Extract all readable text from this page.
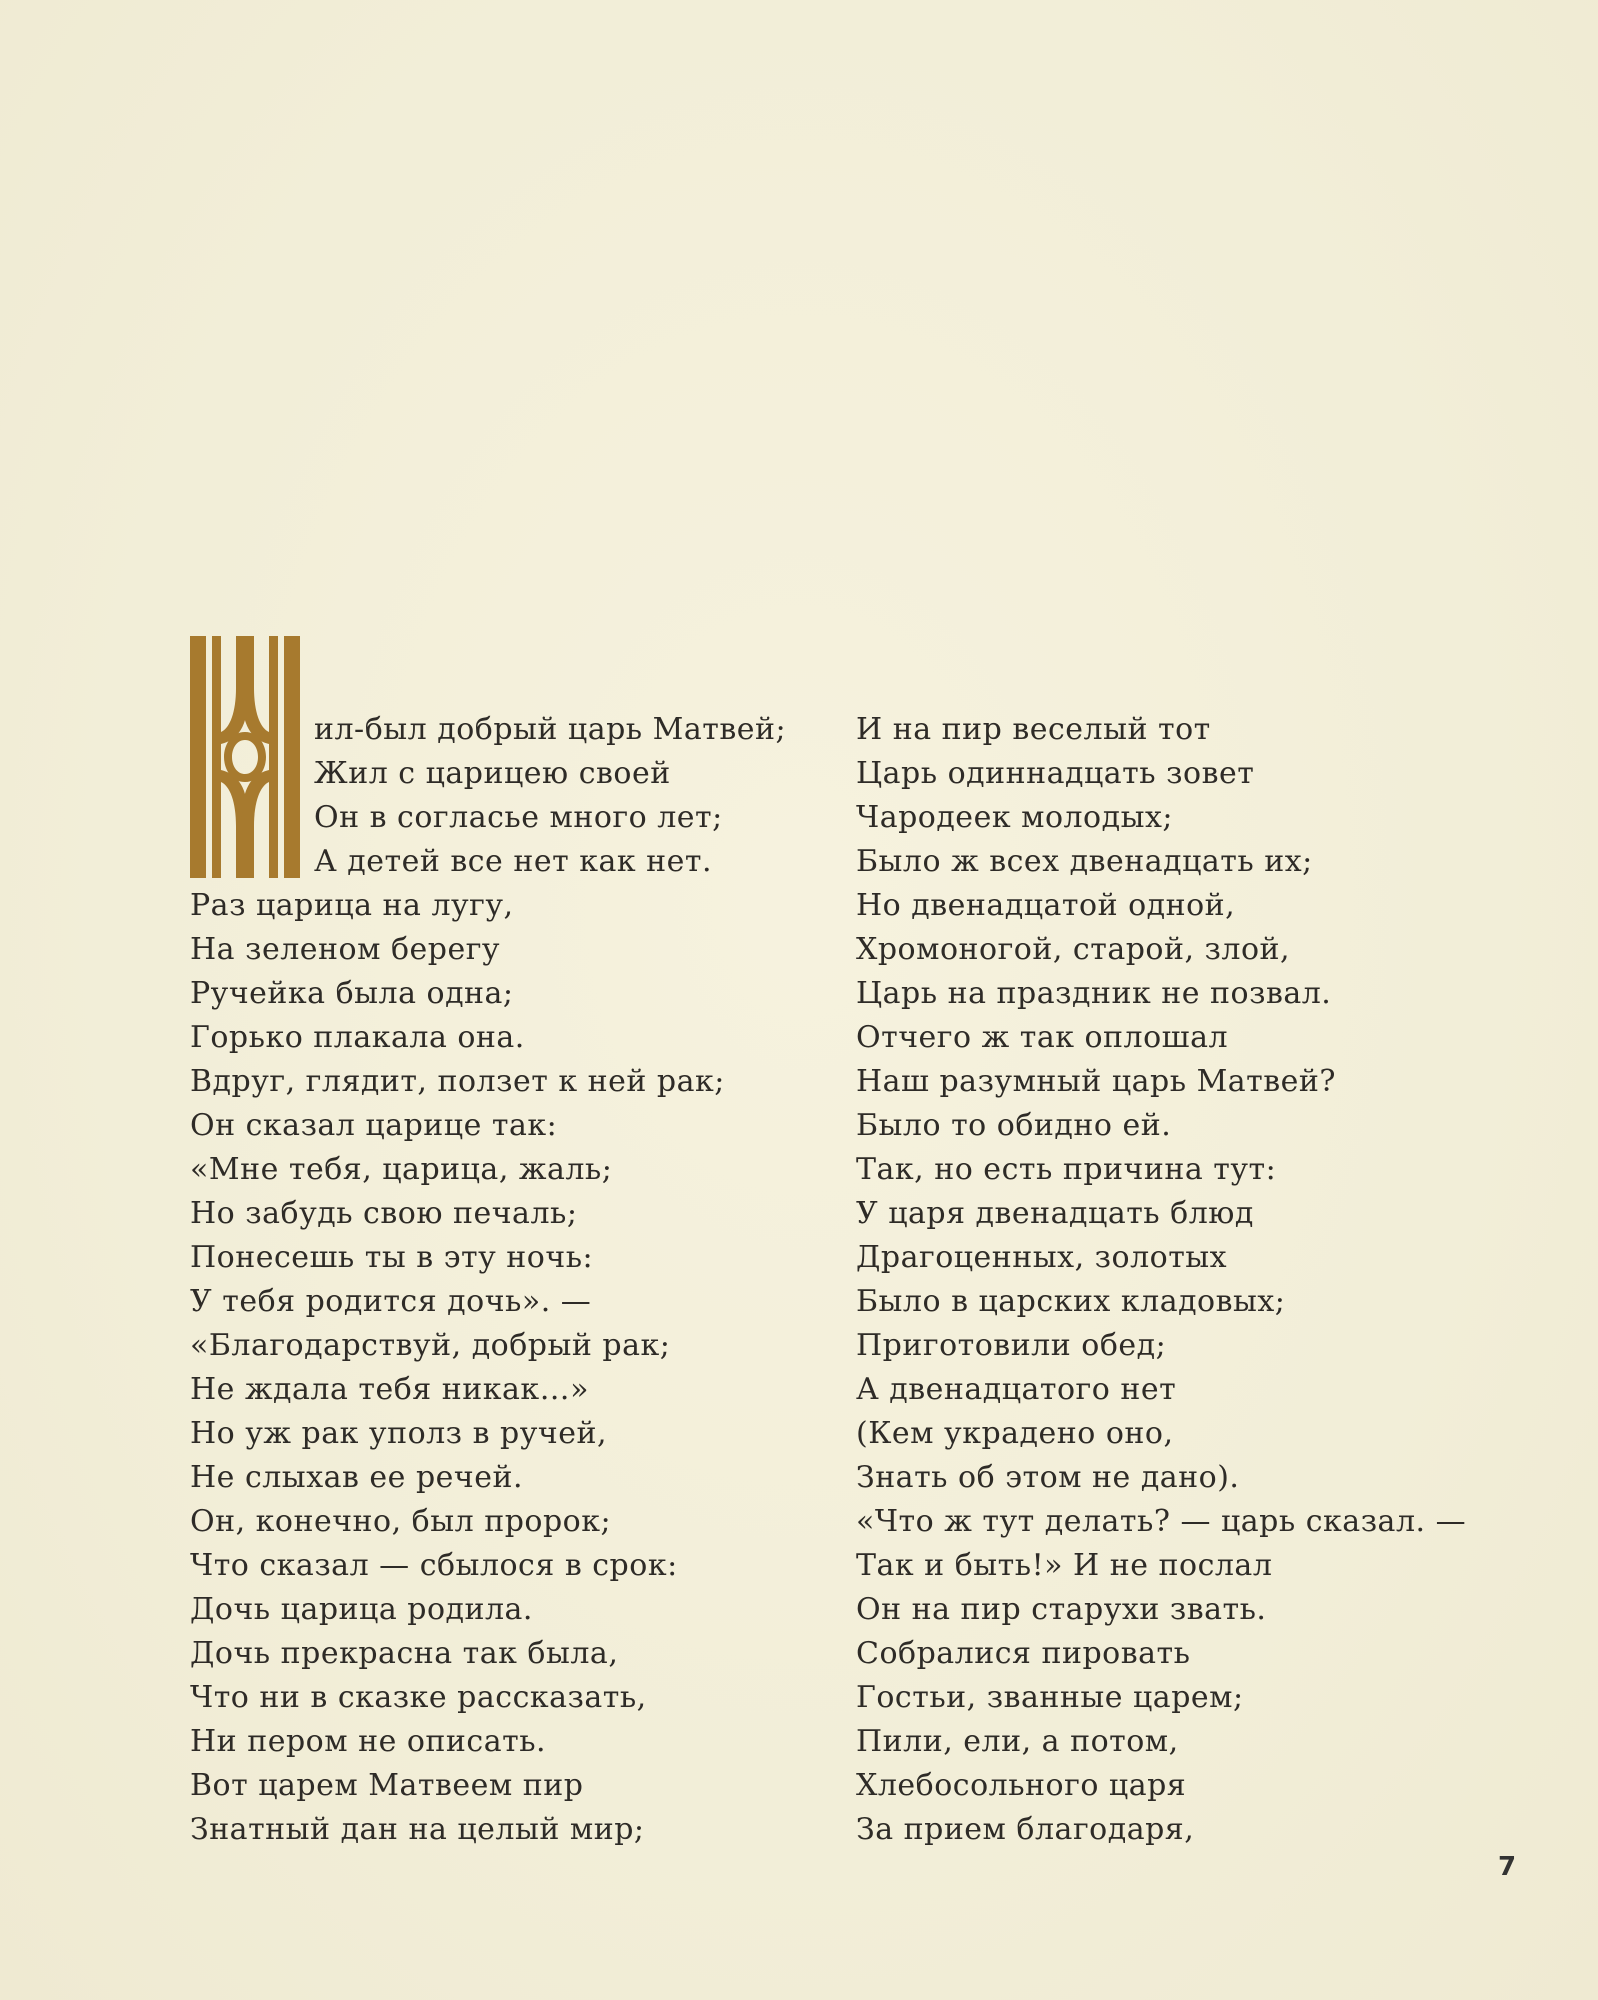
ил-был добрый царь Матвей;
Жил с царицею своей
Он в согласье много лет;
А детей все нет как нет.
Раз царица на лугу,
На зеленом берегу
Ручейка была одна;
Горько плакала она.
Вдруг, глядит, ползет к ней рак;
Он сказал царице так:
«Мне тебя, царица, жаль;
Но забудь свою печаль;
Понесешь ты в эту ночь:
У тебя родится дочь». —
«Благодарствуй, добрый рак;
Не ждала тебя никак…»
Но уж рак уполз в ручей,
Не слыхав ее речей.
Он, конечно, был пророк;
Что сказал — сбылося в срок:
Дочь царица родила.
Дочь прекрасна так была,
Что ни в сказке рассказать,
Ни пером не описать.
Вот царем Матвеем пир
Знатный дан на целый мир;
И на пир веселый тот
Царь одиннадцать зовет
Чародеек молодых;
Было ж всех двенадцать их;
Но двенадцатой одной,
Хромоногой, старой, злой,
Царь на праздник не позвал.
Отчего ж так оплошал
Наш разумный царь Матвей?
Было то обидно ей.
Так, но есть причина тут:
У царя двенадцать блюд
Драгоценных, золотых
Было в царских кладовых;
Приготовили обед;
А двенадцатого нет
(Кем украдено оно,
Знать об этом не дано).
«Что ж тут делать? — царь сказал. —
Так и быть!» И не послал
Он на пир старухи звать.
Собралися пировать
Гостьи, званные царем;
Пили, ели, а потом,
Хлебосольного царя
За прием благодаря,
7
